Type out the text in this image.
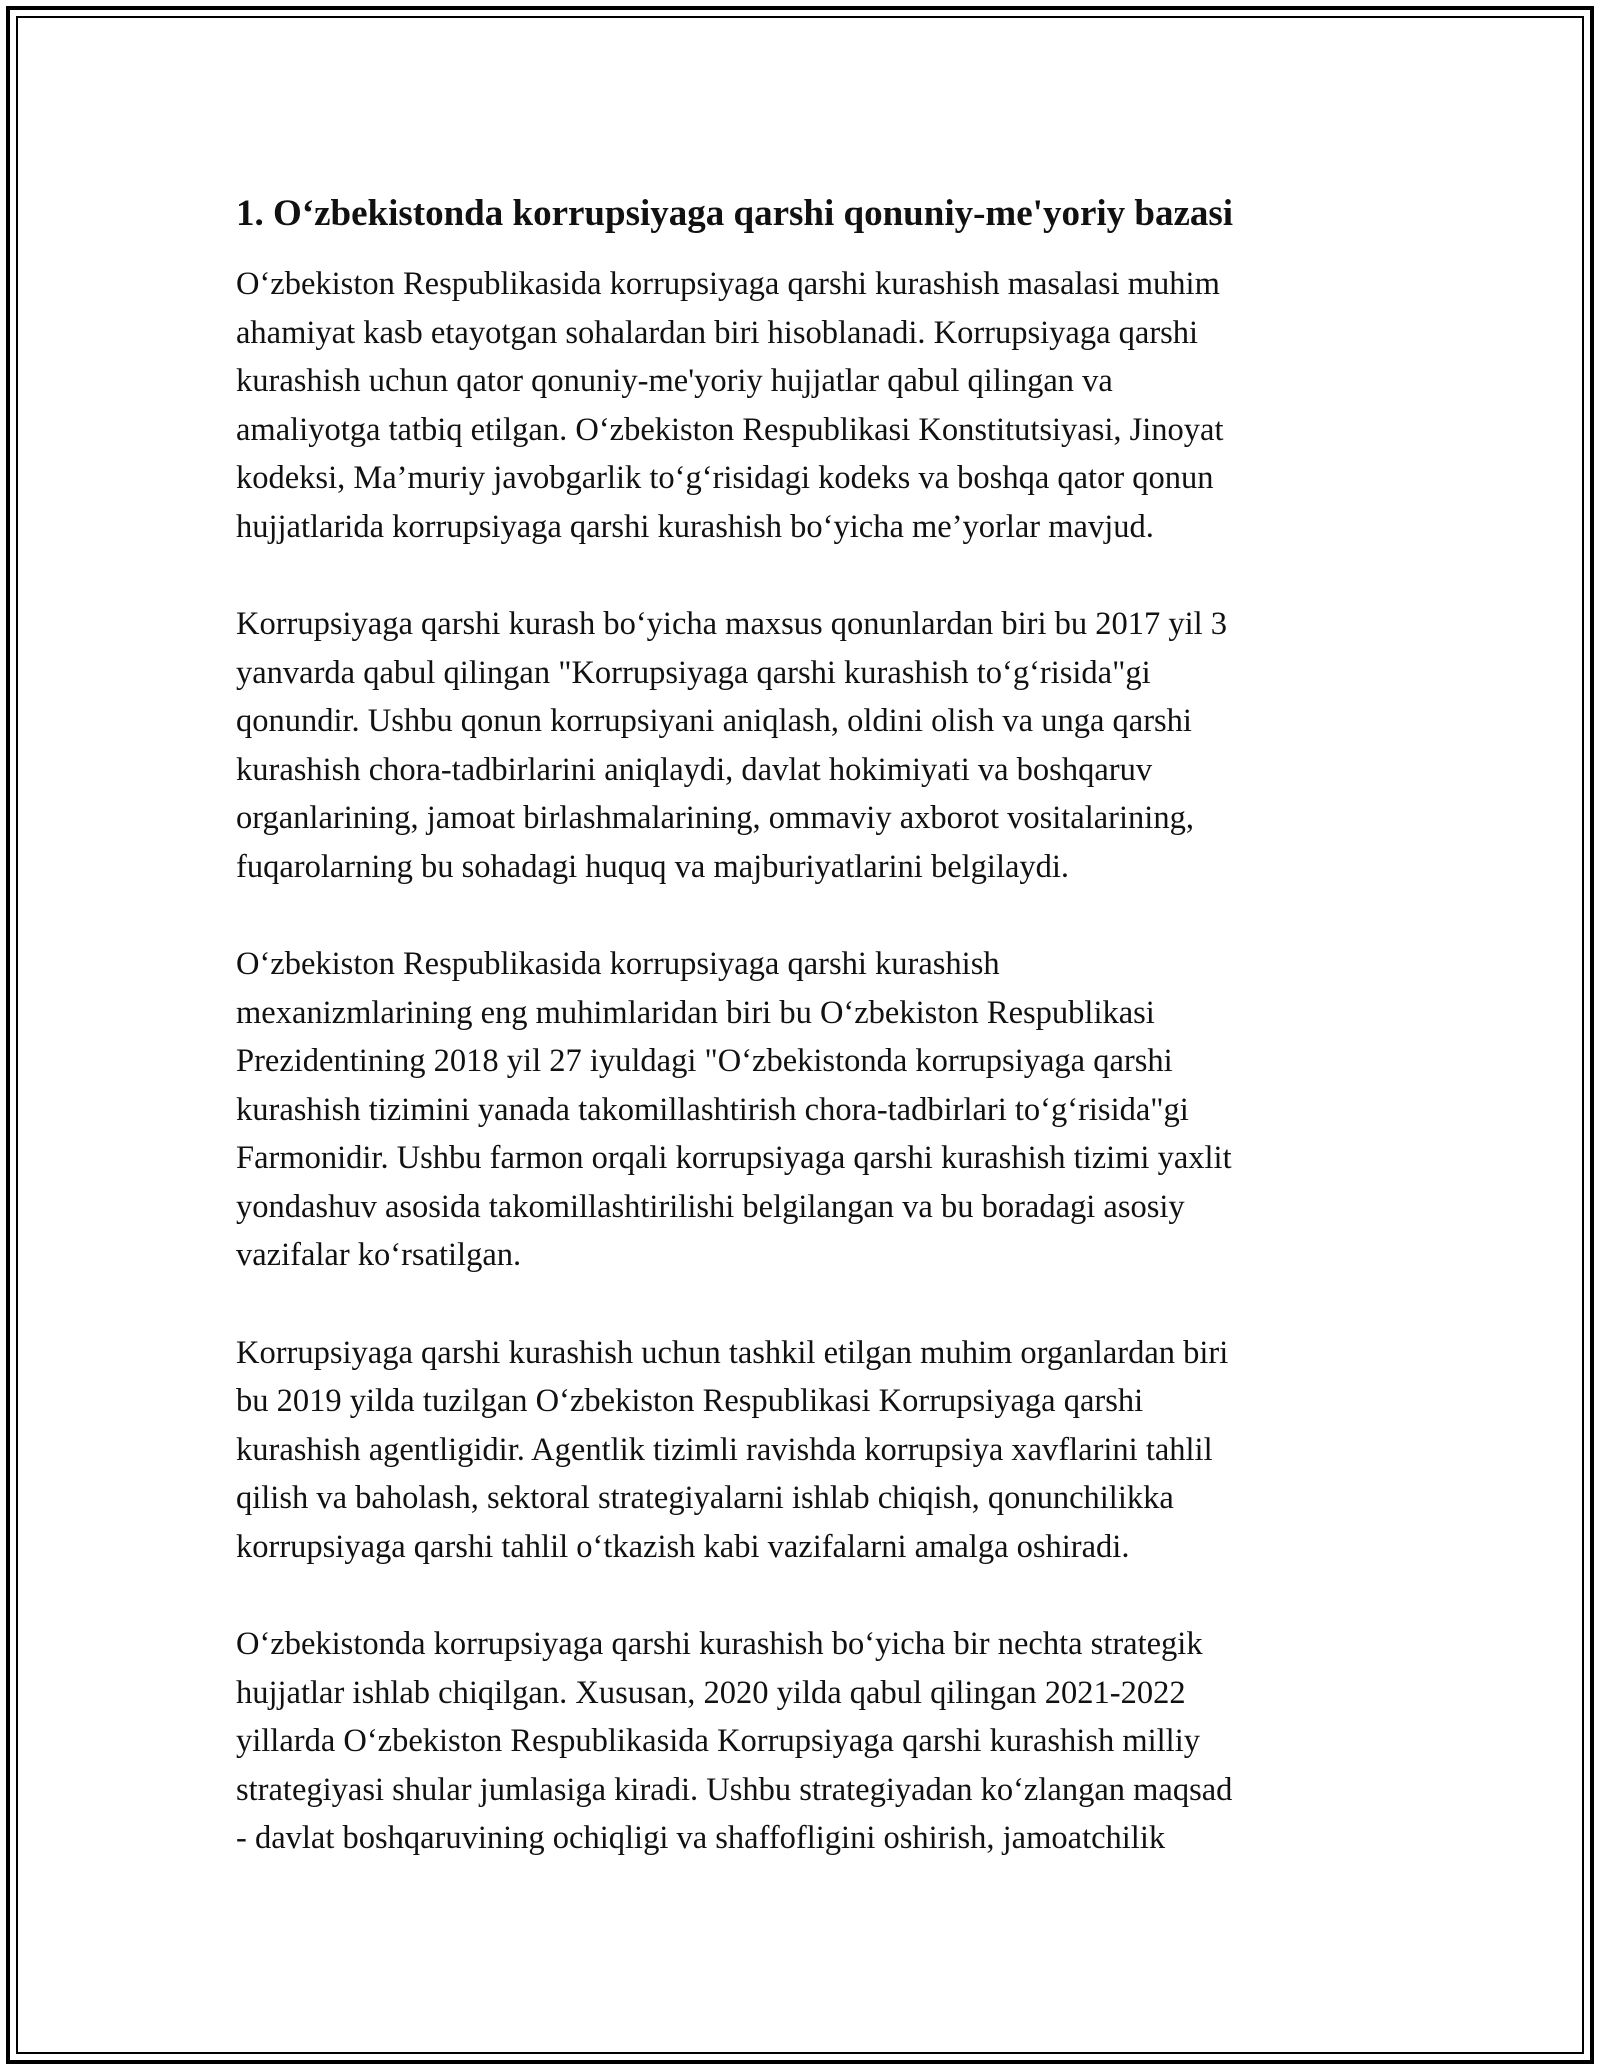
1. O‘zbekistonda korrupsiyaga qarshi qonuniy-me'yoriy bazasi
O‘zbekiston Respublikasida korrupsiyaga qarshi kurashish masalasi muhim
ahamiyat kasb etayotgan sohalardan biri hisoblanadi. Korrupsiyaga qarshi
kurashish uchun qator qonuniy-me'yoriy hujjatlar qabul qilingan va
amaliyotga tatbiq etilgan. O‘zbekiston Respublikasi Konstitutsiyasi, Jinoyat
kodeksi, Ma’muriy javobgarlik to‘g‘risidagi kodeks va boshqa qator qonun
hujjatlarida korrupsiyaga qarshi kurashish bo‘yicha me’yorlar mavjud.
Korrupsiyaga qarshi kurash bo‘yicha maxsus qonunlardan biri bu 2017 yil 3
yanvarda qabul qilingan "Korrupsiyaga qarshi kurashish to‘g‘risida"gi
qonundir. Ushbu qonun korrupsiyani aniqlash, oldini olish va unga qarshi
kurashish chora-tadbirlarini aniqlaydi, davlat hokimiyati va boshqaruv
organlarining, jamoat birlashmalarining, ommaviy axborot vositalarining,
fuqarolarning bu sohadagi huquq va majburiyatlarini belgilaydi.
O‘zbekiston Respublikasida korrupsiyaga qarshi kurashish
mexanizmlarining eng muhimlaridan biri bu O‘zbekiston Respublikasi
Prezidentining 2018 yil 27 iyuldagi "O‘zbekistonda korrupsiyaga qarshi
kurashish tizimini yanada takomillashtirish chora-tadbirlari to‘g‘risida"gi
Farmonidir. Ushbu farmon orqali korrupsiyaga qarshi kurashish tizimi yaxlit
yondashuv asosida takomillashtirilishi belgilangan va bu boradagi asosiy
vazifalar ko‘rsatilgan.
Korrupsiyaga qarshi kurashish uchun tashkil etilgan muhim organlardan biri
bu 2019 yilda tuzilgan O‘zbekiston Respublikasi Korrupsiyaga qarshi
kurashish agentligidir. Agentlik tizimli ravishda korrupsiya xavflarini tahlil
qilish va baholash, sektoral strategiyalarni ishlab chiqish, qonunchilikka
korrupsiyaga qarshi tahlil o‘tkazish kabi vazifalarni amalga oshiradi.
O‘zbekistonda korrupsiyaga qarshi kurashish bo‘yicha bir nechta strategik
hujjatlar ishlab chiqilgan. Xususan, 2020 yilda qabul qilingan 2021-2022
yillarda O‘zbekiston Respublikasida Korrupsiyaga qarshi kurashish milliy
strategiyasi shular jumlasiga kiradi. Ushbu strategiyadan ko‘zlangan maqsad
- davlat boshqaruvining ochiqligi va shaffofligini oshirish, jamoatchilik
